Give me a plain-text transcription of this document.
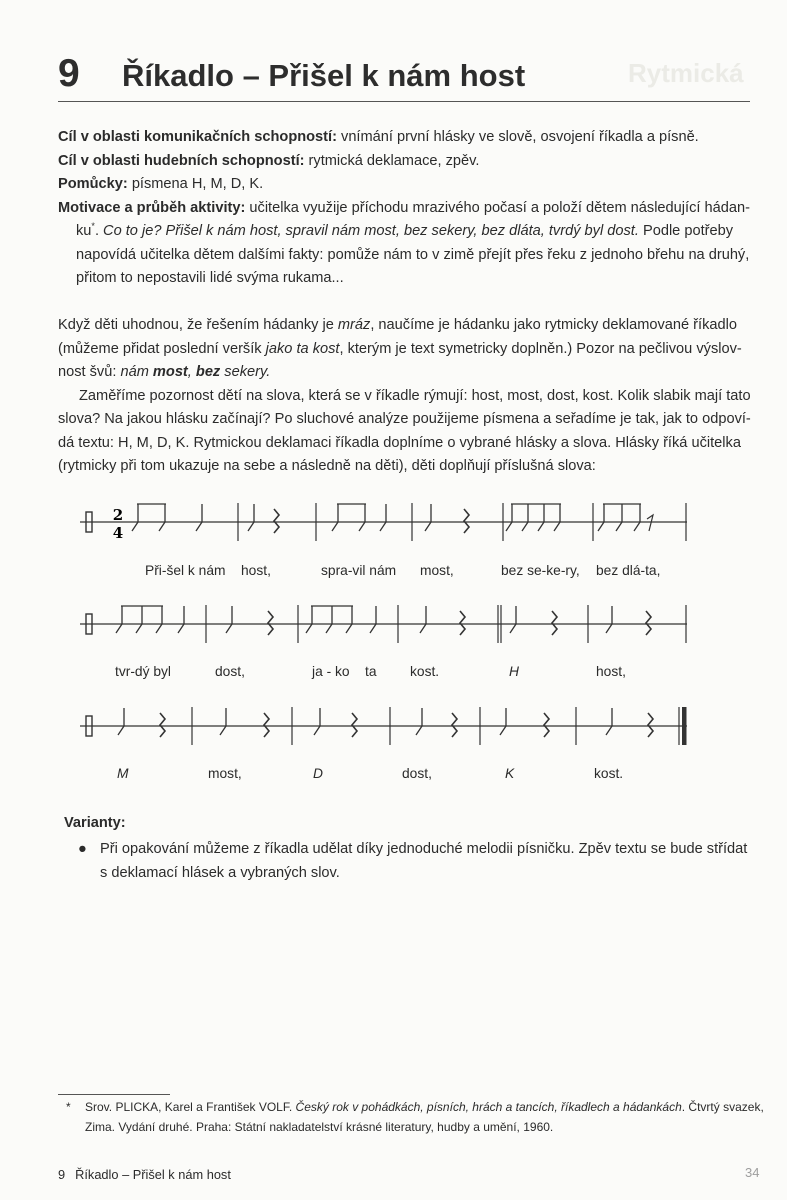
Rytmická
9 Říkadlo – Přišel k nám host

Cíl v oblasti komunikačních schopností: vnímání první hlásky ve slově, osvojení říkadla a písně.

Cíl v oblasti hudebních schopností: rytmická deklamace, zpěv.

Pomůcky: písmena H, M, D, K.

Motivace a průběh aktivity: učitelka využije příchodu mrazivého počasí a položí dětem následující hádan-

ku*. Co to je? Přišel k nám host, spravil nám most, bez sekery, bez dláta, tvrdý byl dost. Podle potřeby

napovídá učitelka dětem dalšími fakty: pomůže nám to v zimě přejít přes řeku z jednoho břehu na druhý,

přitom to nepostavili lidé svýma rukama...

Když děti uhodnou, že řešením hádanky je mráz, naučíme je hádanku jako rytmicky deklamované říkadlo

(můžeme přidat poslední veršík jako ta kost, kterým je text symetricky doplněn.) Pozor na pečlivou výslov-

nost švů: nám most, bez sekery.

Zaměříme pozornost dětí na slova, která se v říkadle rýmují: host, most, dost, kost. Kolik slabik mají tato

slova? Na jakou hlásku začínají? Po sluchové analýze použijeme písmena a seřadíme je tak, jak to odpoví-

dá textu: H, M, D, K. Rytmickou deklamaci říkadla doplníme o vybrané hlásky a slova. Hlásky říká učitelka

(rytmicky při tom ukazuje na sebe a následně na děti), děti doplňují příslušná slova:

2
4
Při-šel k nám host,	spra-vil nám most,	bez se-ke-ry, bez dlá-ta,
tvr-dý byl	dost,	ja - ko ta kost.	H	host,
M	most,	D	dost,	K	kost.
Varianty:
● Při opakování můžeme z říkadla udělat díky jednoduché melodii písničku. Zpěv textu se bude střídat
s deklamací hlásek a vybraných slov.
* Srov. PLICKA, Karel a František VOLF. Český rok v pohádkách, písních, hrách a tancích, říkadlech a hádankách. Čtvrtý svazek,
Zima. Vydání druhé. Praha: Státní nakladatelství krásné literatury, hudby a umění, 1960.
9 Říkadlo – Přišel k nám host	34
